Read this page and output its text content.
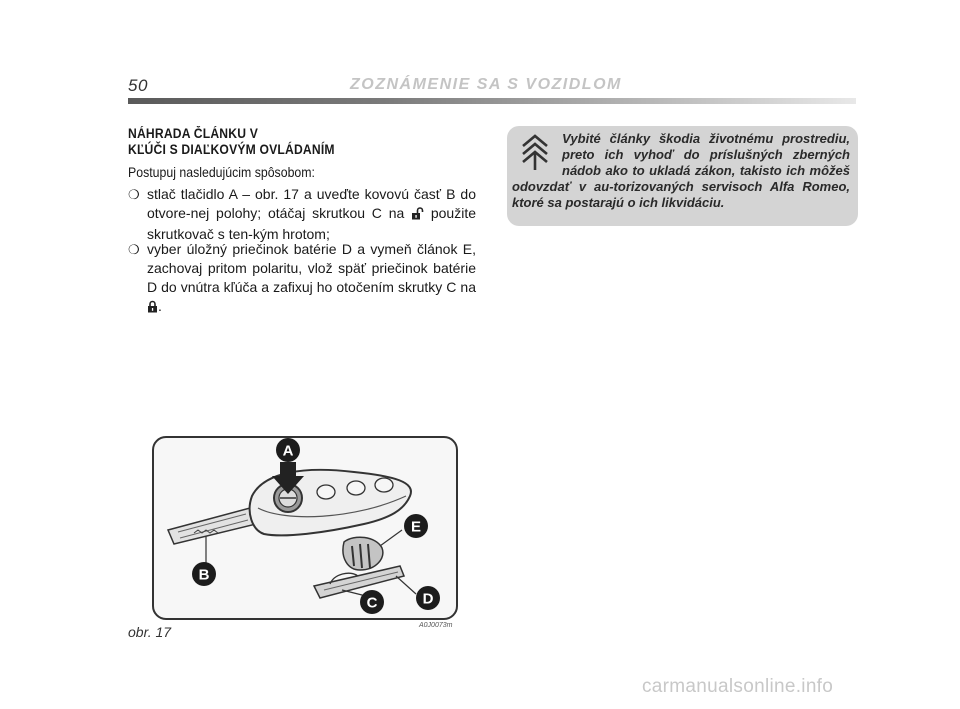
50	ZOZNÁMENIE SA S VOZIDLOM
NÁHRADA ČLÁNKU V
KĽÚČI S DIAĽKOVÝM OVLÁDANÍM
Postupuj nasledujúcim spôsobom:
❍ stlač tlačidlo A – obr. 17 a uveďte kovovú časť B do otvore-nej polohy; otáčaj skrutkou C na použite skrutkovač s ten-kým hrotom;
❍ vyber úložný priečinok batérie D a vymeň článok E, zachovaj pritom polaritu, vlož späť priečinok batérie D do vnútra kľúča a zafixuj ho otočením skrutky C na .
Vybité články škodia životnému prostrediu, preto ich vyhoď do príslušných zberných nádob ako to ukladá zákon, takisto ich môžeš odovzdať v au-torizovaných servisoch Alfa Romeo, ktoré sa postarajú o ich likvidáciu.
A
E
B
C	D
A0J0073m
obr. 17
carmanualsonline.info
